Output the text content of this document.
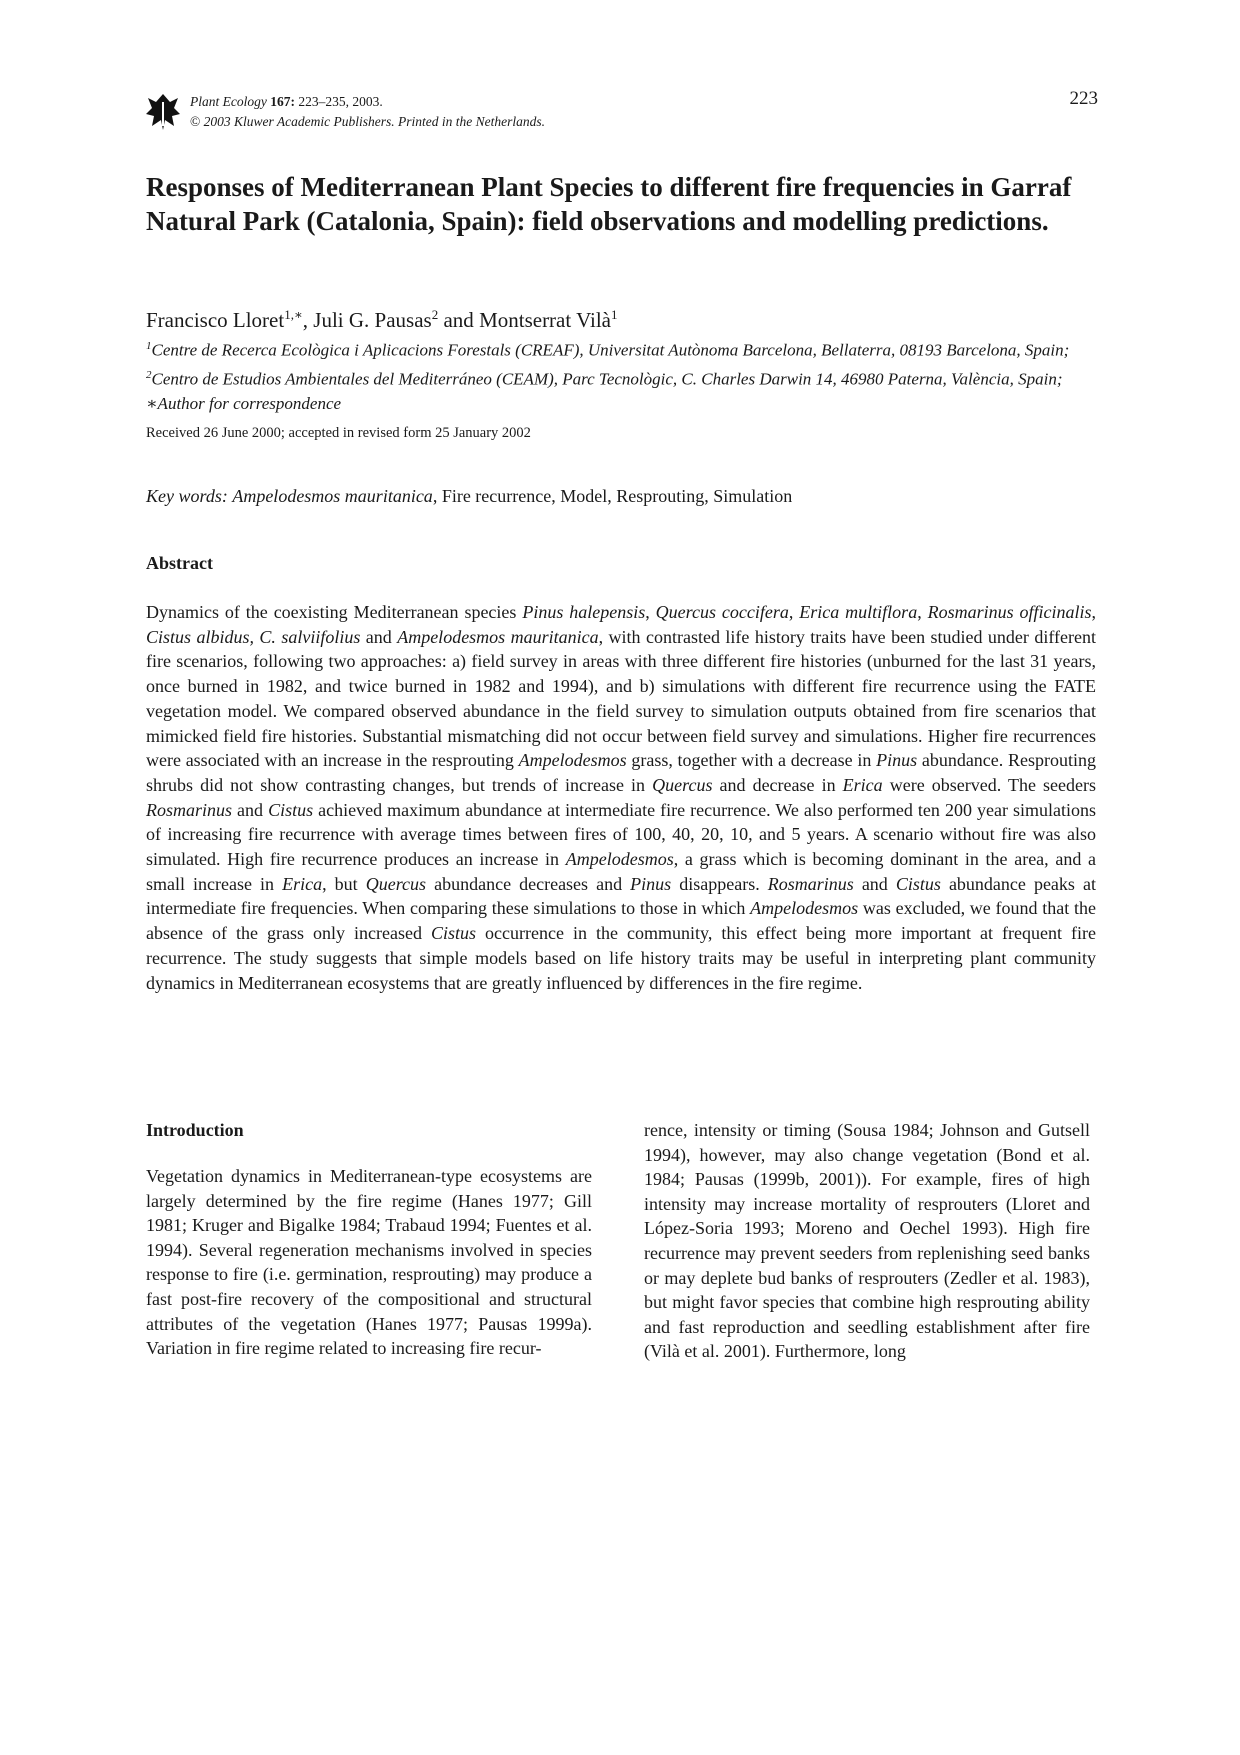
Plant Ecology 167: 223–235, 2003.
© 2003 Kluwer Academic Publishers. Printed in the Netherlands.
223
Responses of Mediterranean Plant Species to different fire frequencies in Garraf Natural Park (Catalonia, Spain): field observations and modelling predictions.
Francisco Lloret$^{1,∗}$, Juli G. Pausas$^2$ and Montserrat Vilà$^1$
$^1$Centre de Recerca Ecològica i Aplicacions Forestals (CREAF), Universitat Autònoma Barcelona, Bellaterra, 08193 Barcelona, Spain; $^2$Centro de Estudios Ambientales del Mediterráneo (CEAM), Parc Tecnològic, C. Charles Darwin 14, 46980 Paterna, València, Spain; ∗Author for correspondence
Received 26 June 2000; accepted in revised form 25 January 2002
Key words: Ampelodesmos mauritanica, Fire recurrence, Model, Resprouting, Simulation
Abstract

Dynamics of the coexisting Mediterranean species Pinus halepensis, Quercus coccifera, Erica multiflora, Rosmarinus officinalis, Cistus albidus, C. salviifolius and Ampelodesmos mauritanica, with contrasted life history traits have been studied under different fire scenarios, following two approaches: a) field survey in areas with three different fire histories (unburned for the last 31 years, once burned in 1982, and twice burned in 1982 and 1994), and b) simulations with different fire recurrence using the FATE vegetation model. We compared observed abundance in the field survey to simulation outputs obtained from fire scenarios that mimicked field fire histories. Substantial mismatching did not occur between field survey and simulations. Higher fire recurrences were associated with an increase in the resprouting Ampelodesmos grass, together with a decrease in Pinus abundance. Resprouting shrubs did not show contrasting changes, but trends of increase in Quercus and decrease in Erica were observed. The seeders Rosmarinus and Cistus achieved maximum abundance at intermediate fire recurrence. We also performed ten 200 year simulations of increasing fire recurrence with average times between fires of 100, 40, 20, 10, and 5 years. A scenario without fire was also simulated. High fire recurrence produces an increase in Ampelodesmos, a grass which is becoming dominant in the area, and a small increase in Erica, but Quercus abundance decreases and Pinus disappears. Rosmarinus and Cistus abundance peaks at intermediate fire frequencies. When comparing these simulations to those in which Ampelodesmos was excluded, we found that the absence of the grass only increased Cistus occurrence in the community, this effect being more important at frequent fire recurrence. The study suggests that simple models based on life history traits may be useful in interpreting plant community dynamics in Mediterranean ecosystems that are greatly influenced by differences in the fire regime.

Introduction

Vegetation dynamics in Mediterranean-type ecosystems are largely determined by the fire regime (Hanes 1977; Gill 1981; Kruger and Bigalke 1984; Trabaud 1994; Fuentes et al. 1994). Several regeneration mechanisms involved in species response to fire (i.e. germination, resprouting) may produce a fast post-fire recovery of the compositional and structural attributes of the vegetation (Hanes 1977; Pausas 1999a). Variation in fire regime related to increasing fire recur-

rence, intensity or timing (Sousa 1984; Johnson and Gutsell 1994), however, may also change vegetation (Bond et al. 1984; Pausas (1999b, 2001)). For example, fires of high intensity may increase mortality of resprouters (Lloret and López-Soria 1993; Moreno and Oechel 1993). High fire recurrence may prevent seeders from replenishing seed banks or may deplete bud banks of resprouters (Zedler et al. 1983), but might favor species that combine high resprouting ability and fast reproduction and seedling establishment after fire (Vilà et al. 2001). Furthermore, long
